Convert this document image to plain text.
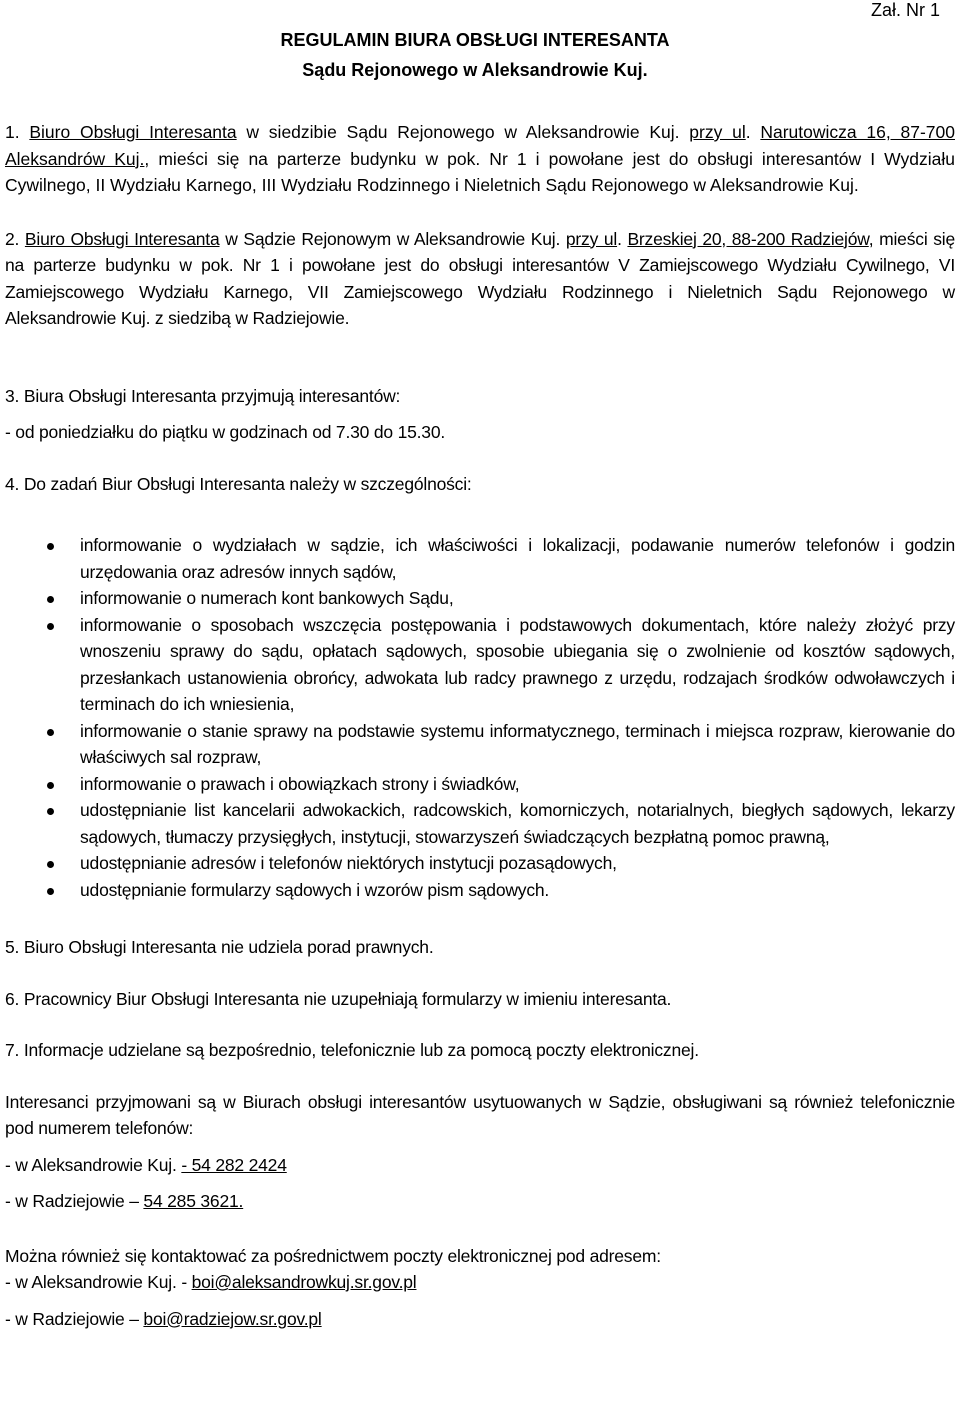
Zał. Nr 1

REGULAMIN BIURA OBSŁUGI INTERESANTA

Sądu Rejonowego w Aleksandrowie Kuj.

1. Biuro Obsługi Interesanta w siedzibie Sądu Rejonowego w Aleksandrowie Kuj. przy ul. Narutowicza 16, 87-700 Aleksandrów Kuj., mieści się na parterze budynku w pok. Nr 1 i powołane jest do obsługi interesantów I Wydziału Cywilnego, II Wydziału Karnego, III Wydziału Rodzinnego i Nieletnich Sądu Rejonowego w Aleksandrowie Kuj.

2. Biuro Obsługi Interesanta w Sądzie Rejonowym w Aleksandrowie Kuj. przy ul. Brzeskiej 20, 88-200 Radziejów, mieści się na parterze budynku w pok. Nr 1 i powołane jest do obsługi interesantów V Zamiejscowego Wydziału Cywilnego, VI Zamiejscowego Wydziału Karnego, VII Zamiejscowego Wydziału Rodzinnego i Nieletnich Sądu Rejonowego w Aleksandrowie Kuj. z siedzibą w Radziejowie.

3. Biura Obsługi Interesanta przyjmują interesantów:

- od poniedziałku do piątku w godzinach od 7.30 do 15.30.

4. Do zadań Biur Obsługi Interesanta należy w szczególności:

informowanie o wydziałach w sądzie, ich właściwości i lokalizacji, podawanie numerów telefonów i godzin urzędowania oraz adresów innych sądów,
informowanie o numerach kont bankowych Sądu,
informowanie o sposobach wszczęcia postępowania i podstawowych dokumentach, które należy złożyć przy wnoszeniu sprawy do sądu, opłatach sądowych, sposobie ubiegania się o zwolnienie od kosztów sądowych, przesłankach ustanowienia obrońcy, adwokata lub radcy prawnego z urzędu, rodzajach środków odwoławczych i terminach do ich wniesienia,
informowanie o stanie sprawy na podstawie systemu informatycznego, terminach i miejsca rozpraw, kierowanie do właściwych sal rozpraw,
informowanie o prawach i obowiązkach strony i świadków,
udostępnianie list kancelarii adwokackich, radcowskich, komorniczych, notarialnych, biegłych sądowych, lekarzy sądowych, tłumaczy przysięgłych, instytucji, stowarzyszeń świadczących bezpłatną pomoc prawną,
udostępnianie adresów i telefonów niektórych instytucji pozasądowych,
udostępnianie formularzy sądowych i wzorów pism sądowych.

5. Biuro Obsługi Interesanta nie udziela porad prawnych.

6. Pracownicy Biur Obsługi Interesanta nie uzupełniają formularzy w imieniu interesanta.

7. Informacje udzielane są bezpośrednio, telefonicznie lub za pomocą poczty elektronicznej.

Interesanci przyjmowani są w Biurach obsługi interesantów usytuowanych w Sądzie, obsługiwani są również telefonicznie pod numerem telefonów:

- w Aleksandrowie Kuj. - 54 282 2424

- w Radziejowie – 54 285 3621.

Można również się kontaktować za pośrednictwem poczty elektronicznej pod adresem:

- w Aleksandrowie Kuj. - boi@aleksandrowkuj.sr.gov.pl

- w Radziejowie – boi@radziejow.sr.gov.pl
